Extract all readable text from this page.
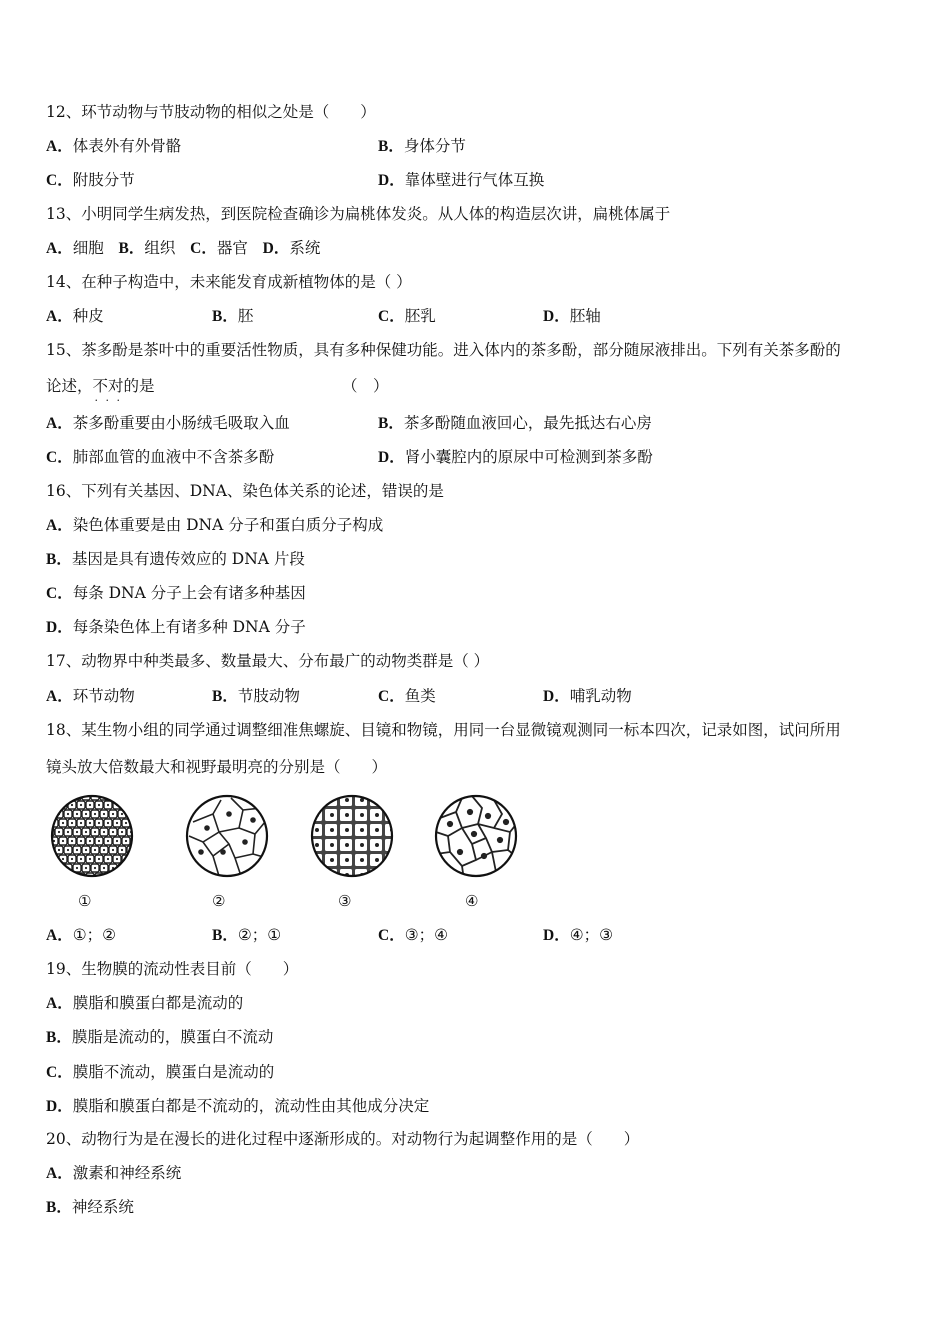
12、环节动物与节肢动物的相似之处是（　　）
A．体表外有外骨骼	B．身体分节
C．附肢分节	D．靠体壁进行气体互换
13、小明同学生病发热，到医院检查确诊为扁桃体发炎。从人体的构造层次讲，扁桃体属于
A．细胞 B．组织 C．器官 D．系统
14、在种子构造中，未来能发育成新植物体的是（ ）
A．种皮	B．胚	C．胚乳	D．胚轴
15、茶多酚是茶叶中的重要活性物质，具有多种保健功能。进入体内的茶多酚，部分随尿液排出。下列有关茶多酚的
论述，不对的 · · ·是	（　）
A．茶多酚重要由小肠绒毛吸取入血	B．茶多酚随血液回心，最先抵达右心房
C．肺部血管的血液中不含茶多酚	D．肾小囊腔内的原尿中可检测到茶多酚
16、下列有关基因、DNA、染色体关系的论述，错误的是
A．染色体重要是由 DNA 分子和蛋白质分子构成
B．基因是具有遗传效应的 DNA 片段
C．每条 DNA 分子上会有诸多种基因
D．每条染色体上有诸多种 DNA 分子
17、动物界中种类最多、数量最大、分布最广的动物类群是（ ）
A．环节动物	B．节肢动物	C．鱼类	D．哺乳动物
18、某生物小组的同学通过调整细准焦螺旋、目镜和物镜，用同一台显微镜观测同一标本四次，记录如图，试问所用
镜头放大倍数最大和视野最明亮的分别是（　　）
①	②	③	④
A．①；②	B．②；①	C．③；④	D．④；③
19、生物膜的流动性表目前（　　）
A．膜脂和膜蛋白都是流动的
B．膜脂是流动的，膜蛋白不流动
C．膜脂不流动，膜蛋白是流动的
D．膜脂和膜蛋白都是不流动的，流动性由其他成分决定
20、动物行为是在漫长的进化过程中逐渐形成的。对动物行为起调整作用的是（　　）
A．激素和神经系统
B．神经系统
